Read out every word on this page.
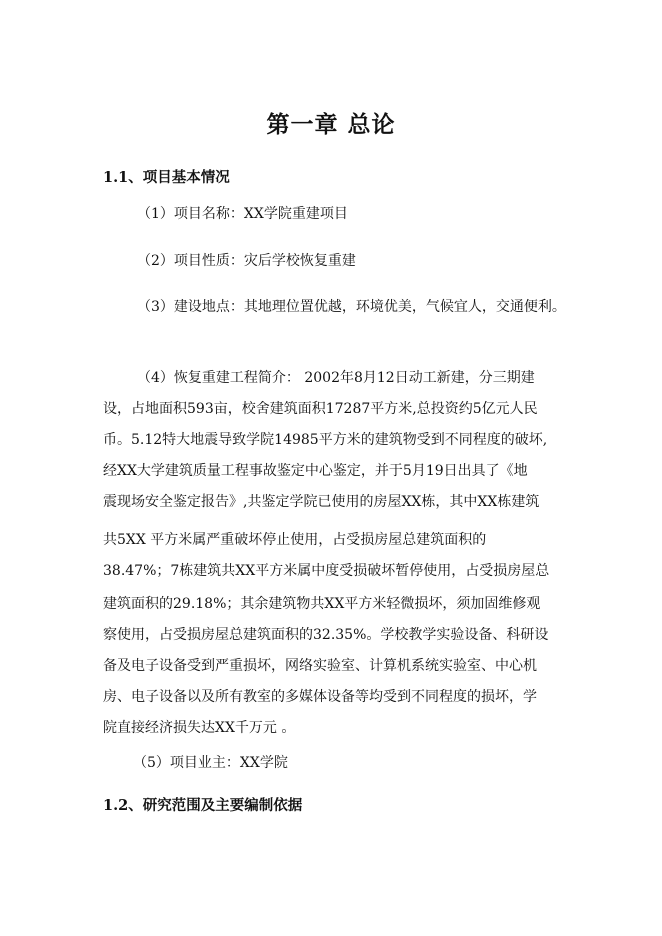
第一章 总论
1.1、项目基本情况
（1）项目名称：XX学院重建项目
（2）项目性质：灾后学校恢复重建
（3）建设地点：其地理位置优越，环境优美，气候宜人，交通便利。
（4）恢复重建工程简介： 2002年8月12日动工新建，分三期建
设，占地面积593亩，校舍建筑面积17287平方米,总投资约5亿元人民
币。5.12特大地震导致学院14985平方米的建筑物受到不同程度的破坏,
经XX大学建筑质量工程事故鉴定中心鉴定，并于5月19日出具了《地
震现场安全鉴定报告》,共鉴定学院已使用的房屋XX栋，其中XX栋建筑
共5XX 平方米属严重破坏停止使用，占受损房屋总建筑面积的
38.47%；7栋建筑共XX平方米属中度受损破坏暂停使用，占受损房屋总
建筑面积的29.18%；其余建筑物共XX平方米轻微损坏，须加固维修观
察使用，占受损房屋总建筑面积的32.35%。学校教学实验设备、科研设
备及电子设备受到严重损坏，网络实验室、计算机系统实验室、中心机
房、电子设备以及所有教室的多媒体设备等均受到不同程度的损坏，学
院直接经济损失达XX千万元 。
（5）项目业主：XX学院
1.2、研究范围及主要编制依据
